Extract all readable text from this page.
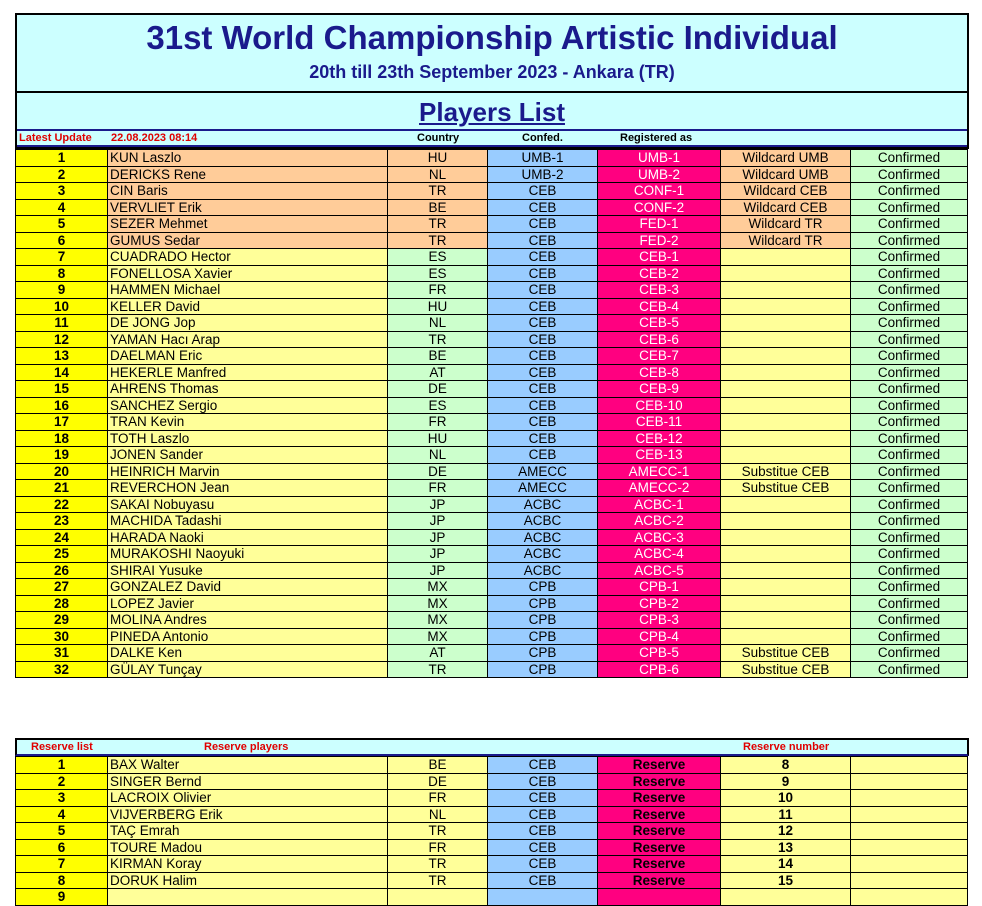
31st World Championship Artistic Individual
20th till 23th September 2023 - Ankara (TR)
Players List
Latest Update 22.08.2023 08:14	Country	Confed.	Registered as
1	KUN Laszlo	HU	UMB-1	UMB-1	Wildcard UMB	Confirmed
2	DERICKS Rene	NL	UMB-2	UMB-2	Wildcard UMB	Confirmed
3	CIN Baris	TR	CEB	CONF-1	Wildcard CEB	Confirmed
4	VERVLIET Erik	BE	CEB	CONF-2	Wildcard CEB	Confirmed
5	SEZER Mehmet	TR	CEB	FED-1	Wildcard TR	Confirmed
6	GUMUS Sedar	TR	CEB	FED-2	Wildcard TR	Confirmed
7	CUADRADO Hector	ES	CEB	CEB-1		Confirmed
8	FONELLOSA Xavier	ES	CEB	CEB-2		Confirmed
9	HAMMEN Michael	FR	CEB	CEB-3		Confirmed
10	KELLER David	HU	CEB	CEB-4		Confirmed
11	DE JONG Jop	NL	CEB	CEB-5		Confirmed
12	YAMAN Hacı Arap	TR	CEB	CEB-6		Confirmed
13	DAELMAN Eric	BE	CEB	CEB-7		Confirmed
14	HEKERLE Manfred	AT	CEB	CEB-8		Confirmed
15	AHRENS Thomas	DE	CEB	CEB-9		Confirmed
16	SANCHEZ Sergio	ES	CEB	CEB-10		Confirmed
17	TRAN Kevin	FR	CEB	CEB-11		Confirmed
18	TOTH Laszlo	HU	CEB	CEB-12		Confirmed
19	JONEN Sander	NL	CEB	CEB-13		Confirmed
20	HEINRICH Marvin	DE	AMECC	AMECC-1	Substitue CEB	Confirmed
21	REVERCHON Jean	FR	AMECC	AMECC-2	Substitue CEB	Confirmed
22	SAKAI Nobuyasu	JP	ACBC	ACBC-1		Confirmed
23	MACHIDA Tadashi	JP	ACBC	ACBC-2		Confirmed
24	HARADA Naoki	JP	ACBC	ACBC-3		Confirmed
25	MURAKOSHI Naoyuki	JP	ACBC	ACBC-4		Confirmed
26	SHIRAI Yusuke	JP	ACBC	ACBC-5		Confirmed
27	GONZALEZ David	MX	CPB	CPB-1		Confirmed
28	LOPEZ Javier	MX	CPB	CPB-2		Confirmed
29	MOLINA Andres	MX	CPB	CPB-3		Confirmed
30	PINEDA Antonio	MX	CPB	CPB-4		Confirmed
31	DALKE Ken	AT	CPB	CPB-5	Substitue CEB	Confirmed
32	GÜLAY Tunçay	TR	CPB	CPB-6	Substitue CEB	Confirmed
Reserve list	Reserve players	Reserve number
1	BAX Walter	BE	CEB	Reserve	8	
2	SINGER Bernd	DE	CEB	Reserve	9	
3	LACROIX Olivier	FR	CEB	Reserve	10	
4	VIJVERBERG Erik	NL	CEB	Reserve	11	
5	TAÇ Emrah	TR	CEB	Reserve	12	
6	TOURE Madou	FR	CEB	Reserve	13	
7	KIRMAN Koray	TR	CEB	Reserve	14	
8	DORUK Halim	TR	CEB	Reserve	15	
9						
